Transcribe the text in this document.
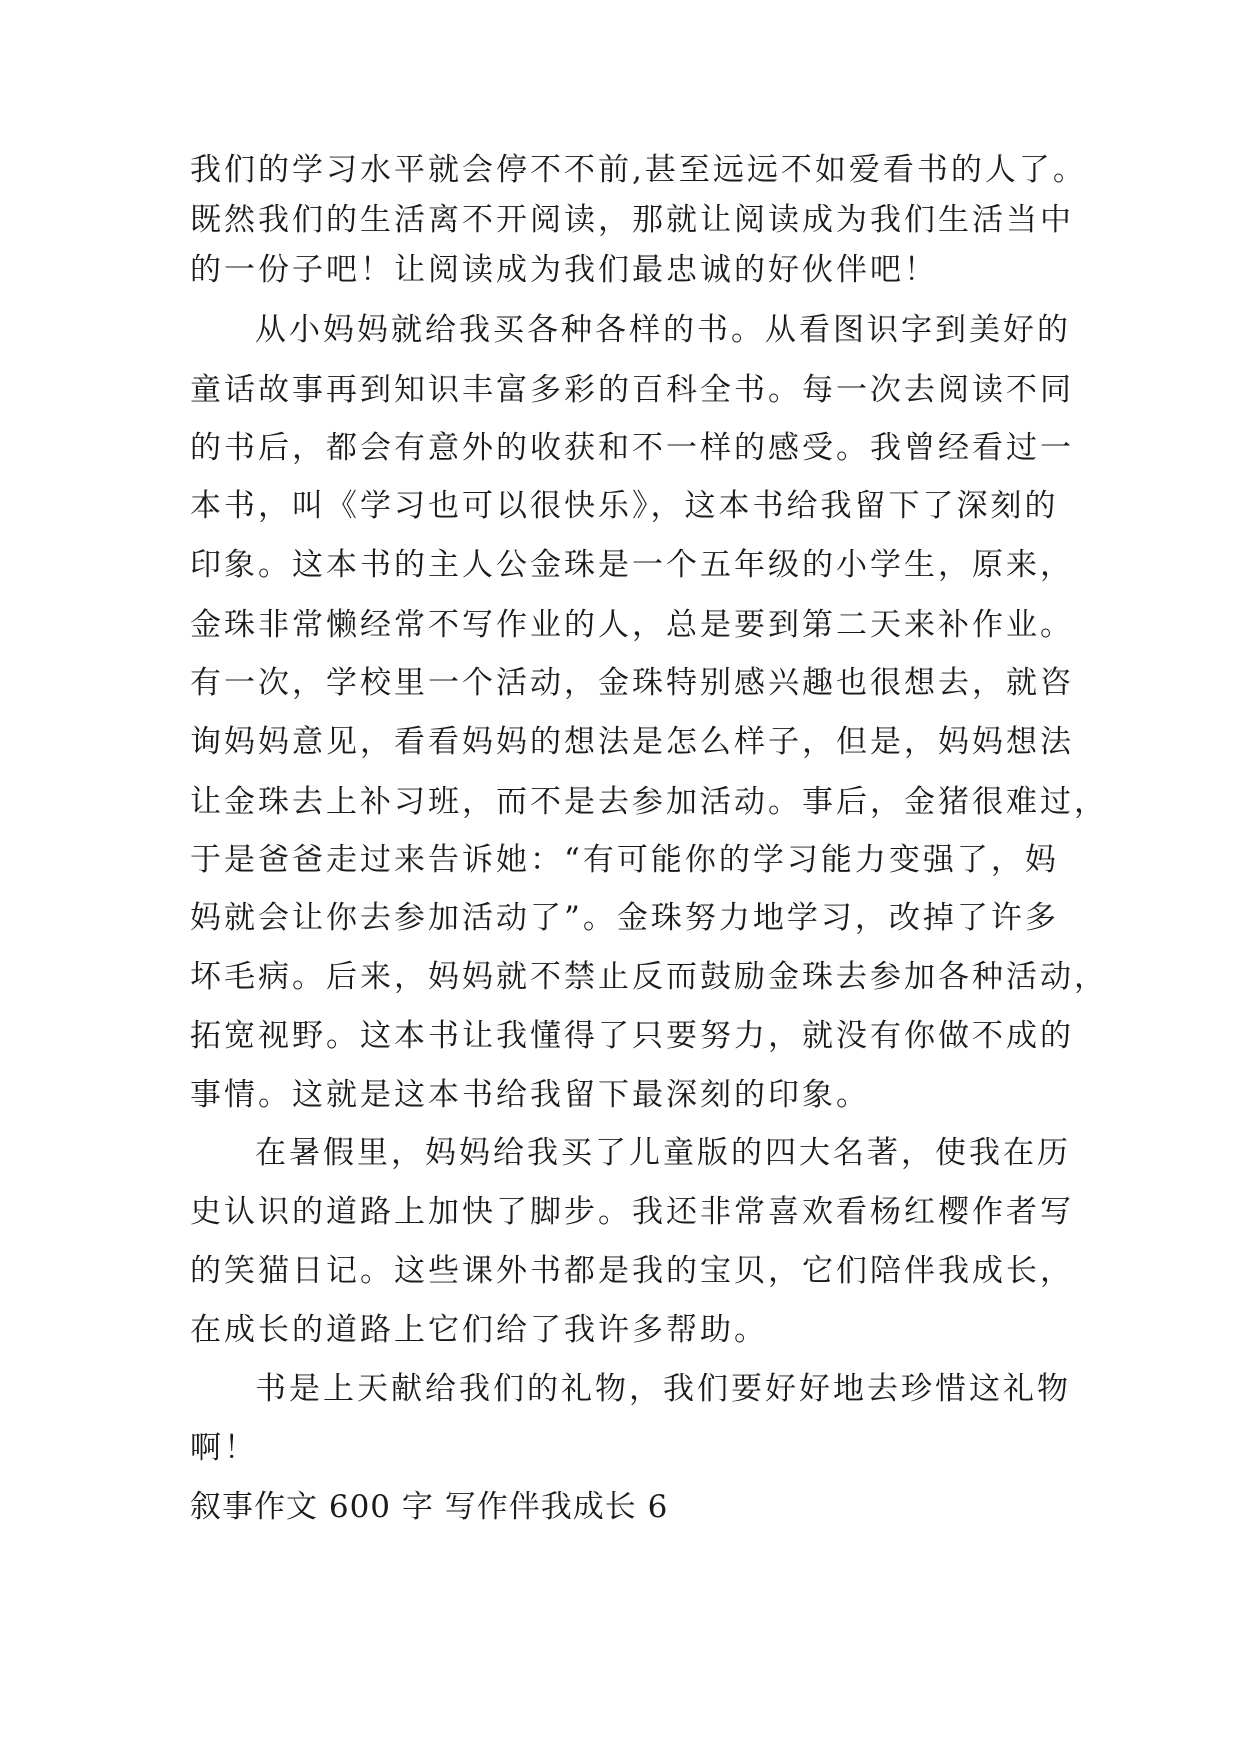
我们的学习水平就会停不不前,甚至远远不如爱看书的人了。
既然我们的生活离不开阅读，那就让阅读成为我们生活当中
的一份子吧！让阅读成为我们最忠诚的好伙伴吧！
从小妈妈就给我买各种各样的书。从看图识字到美好的
童话故事再到知识丰富多彩的百科全书。每一次去阅读不同
的书后，都会有意外的收获和不一样的感受。我曾经看过一
本书，叫《学习也可以很快乐》，这本书给我留下了深刻的
印象。这本书的主人公金珠是一个五年级的小学生，原来，
金珠非常懒经常不写作业的人，总是要到第二天来补作业。
有一次，学校里一个活动，金珠特别感兴趣也很想去，就咨
询妈妈意见，看看妈妈的想法是怎么样子，但是，妈妈想法
让金珠去上补习班，而不是去参加活动。事后，金猪很难过，
于是爸爸走过来告诉她：“有可能你的学习能力变强了，妈
妈就会让你去参加活动了”。金珠努力地学习，改掉了许多
坏毛病。后来，妈妈就不禁止反而鼓励金珠去参加各种活动，
拓宽视野。这本书让我懂得了只要努力，就没有你做不成的
事情。这就是这本书给我留下最深刻的印象。
在暑假里，妈妈给我买了儿童版的四大名著，使我在历
史认识的道路上加快了脚步。我还非常喜欢看杨红樱作者写
的笑猫日记。这些课外书都是我的宝贝，它们陪伴我成长，
在成长的道路上它们给了我许多帮助。
书是上天献给我们的礼物，我们要好好地去珍惜这礼物
啊！
叙事作文 600 字 写作伴我成长 6
